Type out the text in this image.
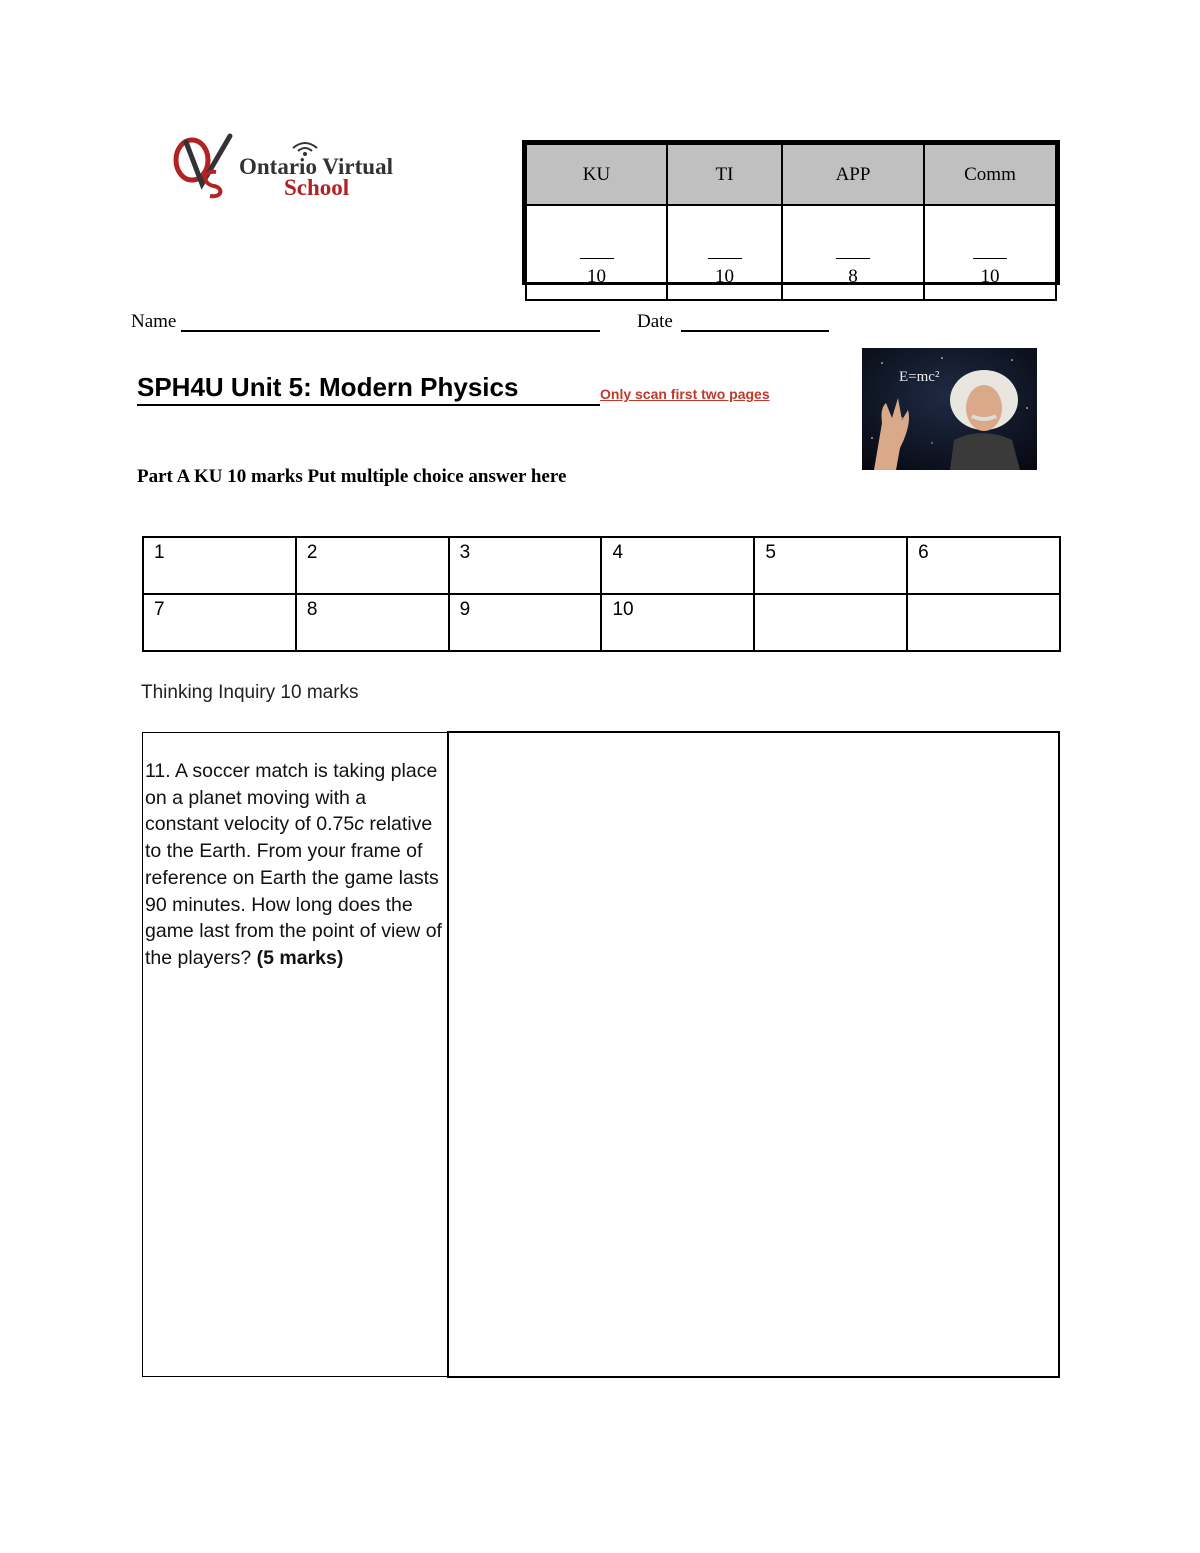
Ontario Virtual
School
KU	TI	APP	Comm

10	10	8	10
Name	Date
SPH4U Unit 5: Modern Physics	Only scan first two pages
E=mc²
Part A KU 10 marks Put multiple choice answer here
1	2	3	4	5	6
7	8	9	10		
Thinking Inquiry 10 marks
11. A soccer match is taking place on a planet moving with a constant velocity of 0.75c relative to the Earth. From your frame of reference on Earth the game lasts 90 minutes. How long does the game last from the point of view of the players? (5 marks)
